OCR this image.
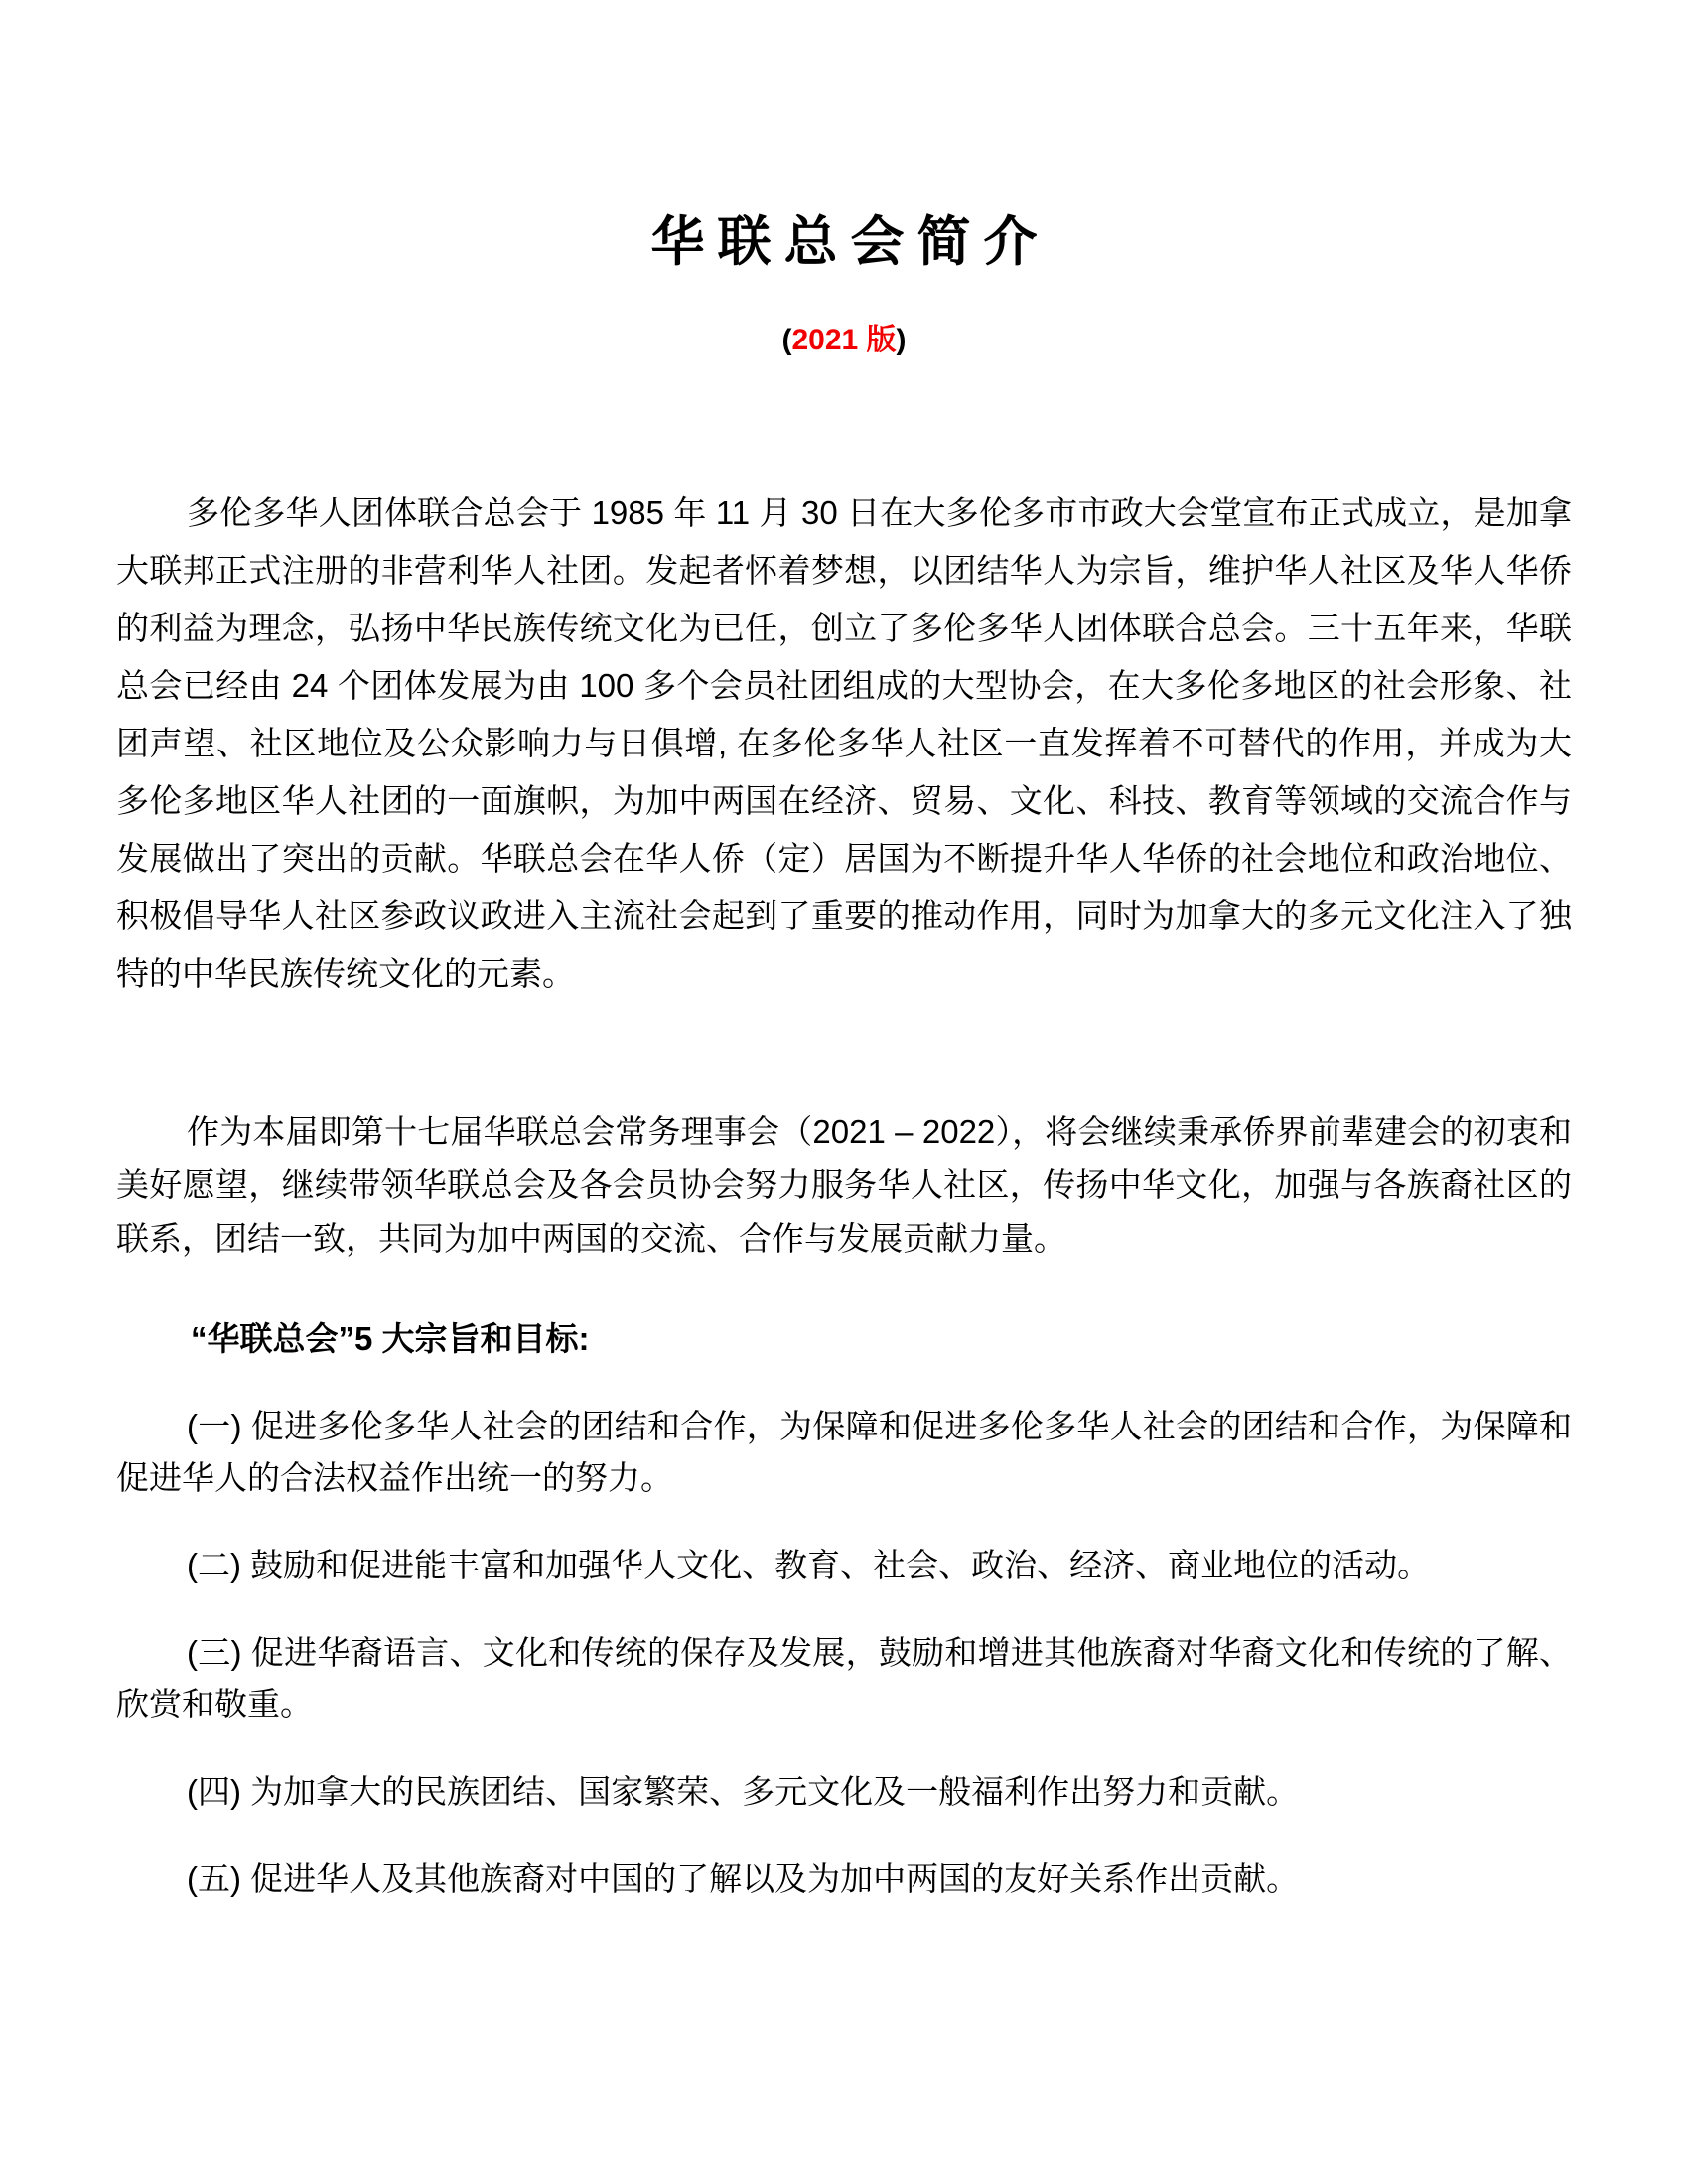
华联总会简介
(2021 版)

多伦多华人团体联合总会于 1985 年 11 月 30 日在大多伦多市市政大会堂宣布正式成立，是加拿大联邦正式注册的非营利华人社团。发起者怀着梦想，以团结华人为宗旨，维护华人社区及华人华侨的利益为理念，弘扬中华民族传统文化为已任，创立了多伦多华人团体联合总会。三十五年来，华联总会已经由 24 个团体发展为由 100 多个会员社团组成的大型协会，在大多伦多地区的社会形象、社团声望、社区地位及公众影响力与日俱增, 在多伦多华人社区一直发挥着不可替代的作用，并成为大多伦多地区华人社团的一面旗帜，为加中两国在经济、贸易、文化、科技、教育等领域的交流合作与发展做出了突出的贡献。华联总会在华人侨（定）居国为不断提升华人华侨的社会地位和政治地位、积极倡导华人社区参政议政进入主流社会起到了重要的推动作用，同时为加拿大的多元文化注入了独特的中华民族传统文化的元素。

作为本届即第十七届华联总会常务理事会（2021 – 2022），将会继续秉承侨界前辈建会的初衷和美好愿望，继续带领华联总会及各会员协会努力服务华人社区，传扬中华文化，加强与各族裔社区的联系，团结一致，共同为加中两国的交流、合作与发展贡献力量。

“华联总会”5 大宗旨和目标:

(一) 促进多伦多华人社会的团结和合作，为保障和促进多伦多华人社会的团结和合作，为保障和促进华人的合法权益作出统一的努力。

(二) 鼓励和促进能丰富和加强华人文化、教育、社会、政治、经济、商业地位的活动。

(三) 促进华裔语言、文化和传统的保存及发展，鼓励和增进其他族裔对华裔文化和传统的了解、欣赏和敬重。

(四) 为加拿大的民族团结、国家繁荣、多元文化及一般福利作出努力和贡献。

(五) 促进华人及其他族裔对中国的了解以及为加中两国的友好关系作出贡献。
